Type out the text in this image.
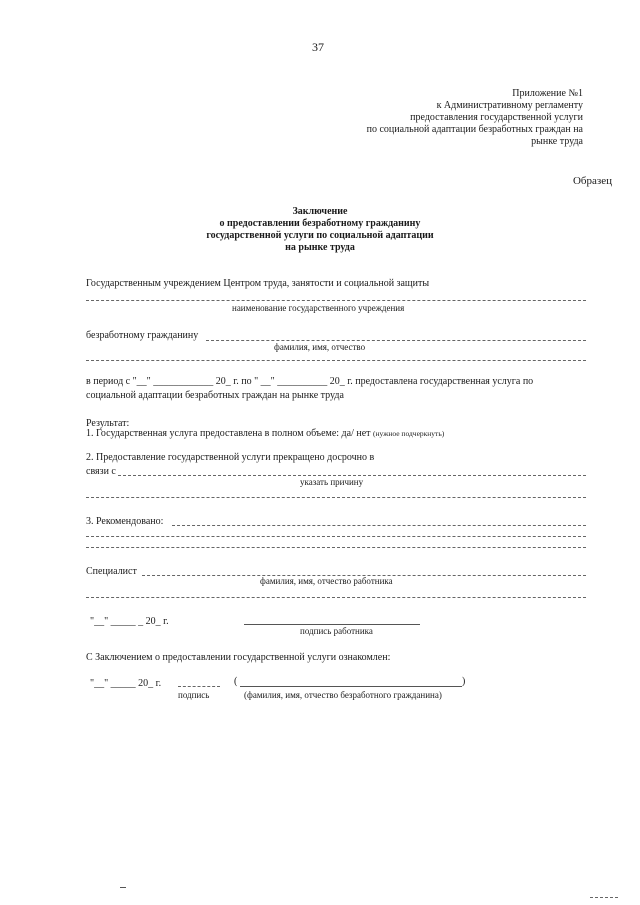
37
Приложение №1
к Административному регламенту
предоставления государственной услуги
по социальной адаптации безработных граждан на
рынке труда
Образец
Заключение
о предоставлении безработному гражданину
государственной услуги по социальной адаптации
на рынке труда
Государственным учреждением Центром труда, занятости и социальной защиты
наименование государственного учреждения
безработному гражданину
фамилия, имя, отчество
в период с "__" ____________ 20_ г. по " __" __________ 20_ г. предоставлена государственная услуга по
социальной адаптации безработных граждан на рынке труда
Результат:
1. Государственная услуга предоставлена в полном объеме: да/ нет (нужное подчеркнуть)
2. Предоставление государственной услуги прекращено досрочно в
связи с
указать причину
3. Рекомендовано:
Специалист
фамилия, имя, отчество работника
"__" _____ _ 20_ г.
подпись работника
С Заключением о предоставлении государственной услуги ознакомлен:
"__" _____ 20_ г.	(	)
подпись	(фамилия, имя, отчество безработного гражданина)
